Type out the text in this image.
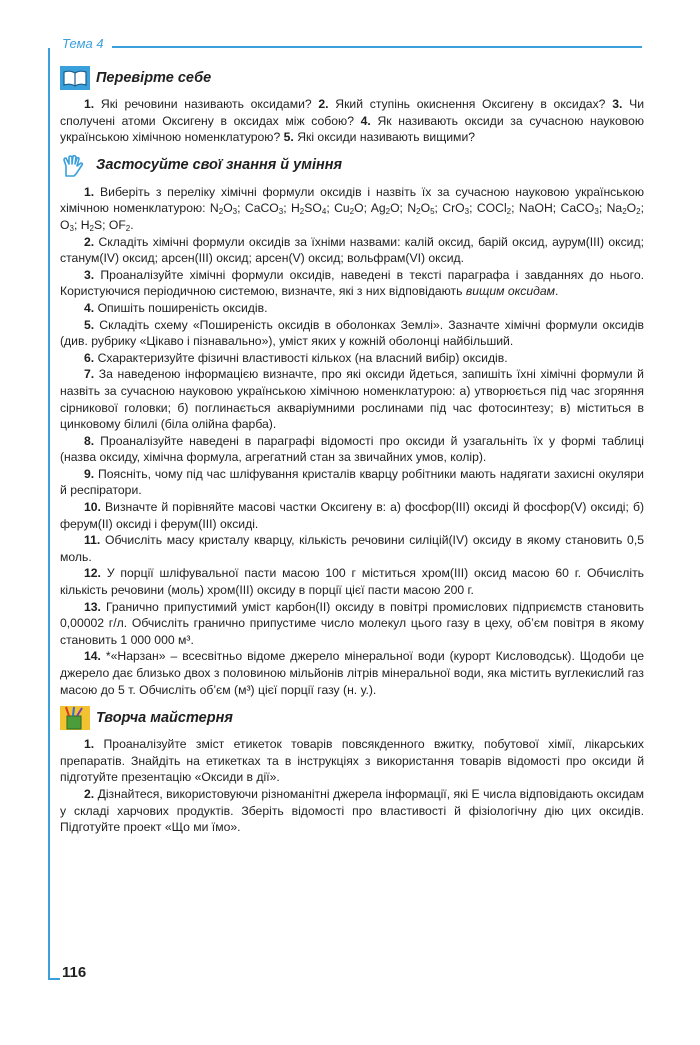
Тема 4
116
Перевірте себе

1. Які речовини називають оксидами? 2. Який ступінь окиснення Оксигену в оксидах? 3. Чи сполучені атоми Оксигену в оксидах між собою? 4. Як називають оксиди за сучасною науковою українською хімічною номенклатурою? 5. Які оксиди називають вищими?

Застосуйте свої знання й уміння

1. Виберіть з переліку хімічні формули оксидів і назвіть їх за сучасною науковою українською хімічною номенклатурою: $N_2O_3$; CaCO$_3$; $H_2SO_4$; $Cu_2O$; $Ag_2O$; $N_2O_5$; CrO$_3$; COCl$_2$; NaOH; CaCO$_3$; $Na_2O_2$; $O_3$; $H_2S$; $OF_2$.

2. Складіть хімічні формули оксидів за їхніми назвами: калій оксид, барій оксид, аурум(III) оксид; станум(IV) оксид; арсен(III) оксид; арсен(V) оксид; вольфрам(VI) оксид.

3. Проаналізуйте хімічні формули оксидів, наведені в тексті параграфа і завданнях до нього. Користуючися періодичною системою, визначте, які з них відповідають вищим оксидам.

4. Опишіть поширеність оксидів.

5. Складіть схему «Поширеність оксидів в оболонках Землі». Зазначте хімічні формули оксидів (див. рубрику «Цікаво і пізнавально»), уміст яких у кожній оболонці найбільший.

6. Схарактеризуйте фізичні властивості кількох (на власний вибір) оксидів.

7. За наведеною інформацією визначте, про які оксиди йдеться, запишіть їхні хімічні формули й назвіть за сучасною науковою українською хімічною номенклатурою: а) утворюється під час згоряння сірникової головки; б) поглинається акваріумними рослинами під час фотосинтезу; в) міститься в цинковому білилі (біла олійна фарба).

8. Проаналізуйте наведені в параграфі відомості про оксиди й узагальніть їх у формі таблиці (назва оксиду, хімічна формула, агрегатний стан за звичайних умов, колір).

9. Поясніть, чому під час шліфування кристалів кварцу робітники мають надягати захисні окуляри й респіратори.

10. Визначте й порівняйте масові частки Оксигену в: а) фосфор(III) оксиді й фосфор(V) оксиді; б) ферум(II) оксиді і ферум(III) оксиді.

11. Обчисліть масу кристалу кварцу, кількість речовини силіцій(IV) оксиду в якому становить 0,5 моль.

12. У порції шліфувальної пасти масою 100 г міститься хром(III) оксид масою 60 г. Обчисліть кількість речовини (моль) хром(III) оксиду в порції цієї пасти масою 200 г.

13. Гранично припустимий уміст карбон(II) оксиду в повітрі промислових підприємств становить 0,00002 г/л. Обчисліть гранично припустиме число молекул цього газу в цеху, об’єм повітря в якому становить 1 000 000 м³.

14. *«Нарзан» – всесвітньо відоме джерело мінеральної води (курорт Кисловодськ). Щодоби це джерело дає близько двох з половиною мільйонів літрів мінеральної води, яка містить вуглекислий газ масою до 5 т. Обчисліть об’єм (м³) цієї порції газу (н. у.).

Творча майстерня

1. Проаналізуйте зміст етикеток товарів повсякденного вжитку, побутової хімії, лікарських препаратів. Знайдіть на етикетках та в інструкціях з використання товарів відомості про оксиди й підготуйте презентацію «Оксиди в дії».

2. Дізнайтеся, використовуючи різноманітні джерела інформації, які Е числа відповідають оксидам у складі харчових продуктів. Зберіть відомості про властивості й фізіологічну дію цих оксидів. Підготуйте проект «Що ми їмо».
